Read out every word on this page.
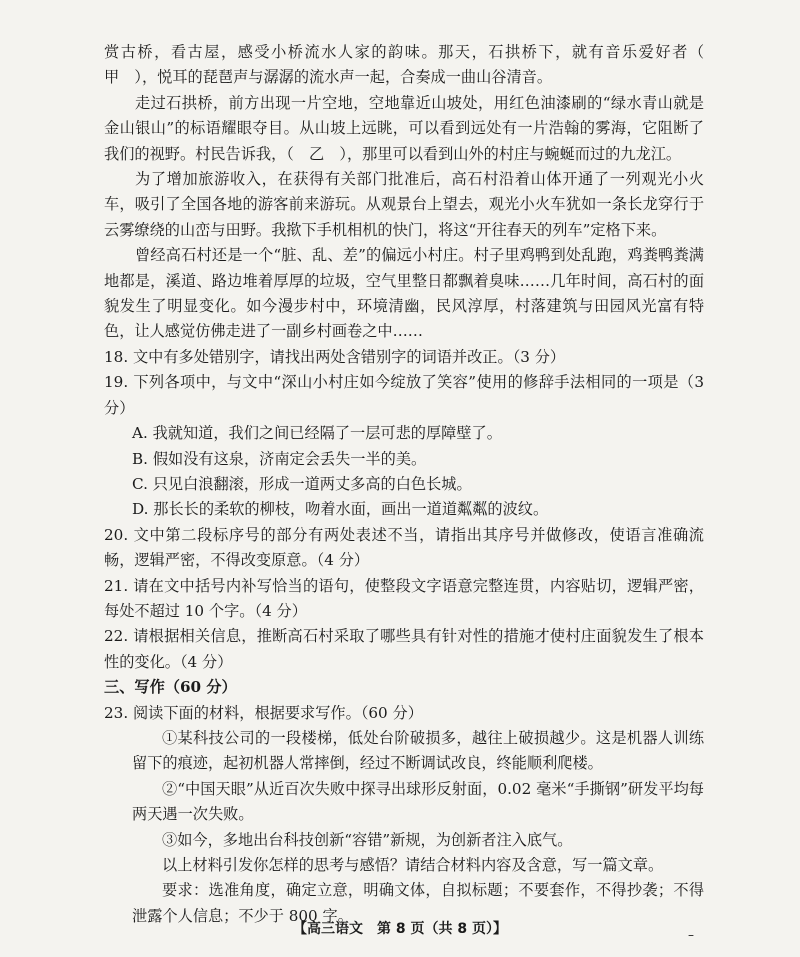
赏古桥，看古屋，感受小桥流水人家的韵味。那天，石拱桥下，就有音乐爱好者（　甲　），悦耳的琵琶声与潺潺的流水声一起，合奏成一曲山谷清音。

走过石拱桥，前方出现一片空地，空地靠近山坡处，用红色油漆刷的“绿水青山就是金山银山”的标语耀眼夺目。从山坡上远眺，可以看到远处有一片浩翰的雾海，它阻断了我们的视野。村民告诉我，（　乙　），那里可以看到山外的村庄与蜿蜒而过的九龙江。

为了增加旅游收入，在获得有关部门批准后，高石村沿着山体开通了一列观光小火车，吸引了全国各地的游客前来游玩。从观景台上望去，观光小火车犹如一条长龙穿行于云雾缭绕的山峦与田野。我揿下手机相机的快门，将这“开往春天的列车”定格下来。

曾经高石村还是一个“脏、乱、差”的偏远小村庄。村子里鸡鸭到处乱跑，鸡粪鸭粪满地都是，溪道、路边堆着厚厚的垃圾，空气里整日都飘着臭味……几年时间，高石村的面貌发生了明显变化。如今漫步村中，环境清幽，民风淳厚，村落建筑与田园风光富有特色，让人感觉仿佛走进了一副乡村画卷之中……

18. 文中有多处错别字，请找出两处含错别字的词语并改正。（3 分）

19. 下列各项中，与文中“深山小村庄如今绽放了笑容”使用的修辞手法相同的一项是（3 分）

A. 我就知道，我们之间已经隔了一层可悲的厚障壁了。

B. 假如没有这泉，济南定会丢失一半的美。

C. 只见白浪翻滚，形成一道两丈多高的白色长城。

D. 那长长的柔软的柳枝，吻着水面，画出一道道粼粼的波纹。

20. 文中第二段标序号的部分有两处表述不当，请指出其序号并做修改，使语言准确流畅，逻辑严密，不得改变原意。（4 分）

21. 请在文中括号内补写恰当的语句，使整段文字语意完整连贯，内容贴切，逻辑严密，每处不超过 10 个字。（4 分）

22. 请根据相关信息，推断高石村采取了哪些具有针对性的措施才使村庄面貌发生了根本性的变化。（4 分）

三、写作（60 分）

23. 阅读下面的材料，根据要求写作。（60 分）

①某科技公司的一段楼梯，低处台阶破损多，越往上破损越少。这是机器人训练留下的痕迹，起初机器人常摔倒，经过不断调试改良，终能顺利爬楼。

②“中国天眼”从近百次失败中探寻出球形反射面，0.02 毫米“手撕钢”研发平均每两天遇一次失败。

③如今，多地出台科技创新“容错”新规，为创新者注入底气。

以上材料引发你怎样的思考与感悟？请结合材料内容及含意，写一篇文章。

要求：选准角度，确定立意，明确文体，自拟标题；不要套作，不得抄袭；不得泄露个人信息；不少于 800 字。

【高三语文　第 8 页（共 8 页）】	–
